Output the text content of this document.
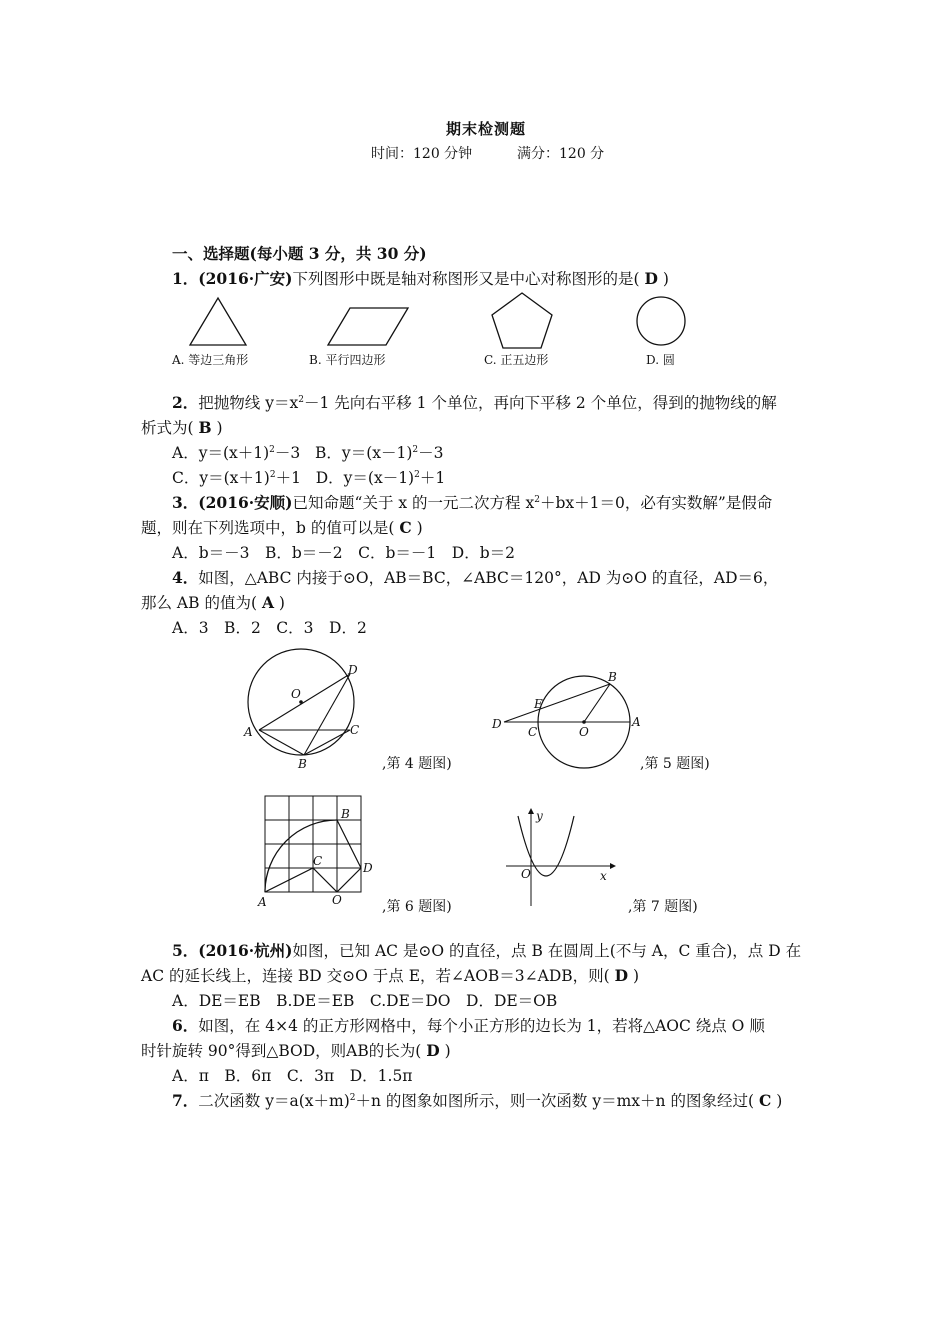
期末检测题
时间：120 分钟	满分：120 分
一、选择题(每小题 3 分，共 30 分)
1．(2016·广安)下列图形中既是轴对称图形又是中心对称图形的是( D )
A. 等边三角形	B. 平行四边形	C. 正五边形	D. 圆
2．把抛物线 $y=x^2-1$ 先向右平移 1 个单位，再向下平移 2 个单位，得到的抛物线的解
析式为( B )
A．$y=(x+1)^2-3$ B．$y=(x-1)^2-3$
C．$y=(x+1)^2+1$ D．$y=(x-1)^2+1$
3．(2016·安顺)已知命题“关于 x 的一元二次方程 $x^2+bx+1=0$，必有实数解”是假命
题，则在下列选项中，b 的值可以是( C )
A．b＝－3　B．b＝－2　C．b＝－1　D．b＝2
4．如图，△ABC 内接于⊙O，AB＝BC，∠ABC＝120°，AD 为⊙O 的直径，AD＝6，
那么 AB 的值为( A )
A．3　B．2　C．3　D．2
O
D
A	C
B	,第 4 题图)
B
E
D
C	O
A
,第 5 题图)
B
C	D
A	O	,第 6 题图)
y
O	x
,第 7 题图)
5．(2016·杭州)如图，已知 AC 是⊙O 的直径，点 B 在圆周上(不与 A，C 重合)，点 D 在
AC 的延长线上，连接 BD 交⊙O 于点 E，若∠AOB＝3∠ADB，则( D )
A．DE＝EB　B.DE＝EB　C.DE＝DO　D．DE＝OB
6．如图，在 4×4 的正方形网格中，每个小正方形的边长为 1，若将△AOC 绕点 O 顺
时针旋转 90°得到△BOD，则AB的长为( D )
A．π　B．6π　C．3π　D．1.5π
7．二次函数 $y=a(x+m)^2+n$ 的图象如图所示，则一次函数 y＝mx＋n 的图象经过( C )
